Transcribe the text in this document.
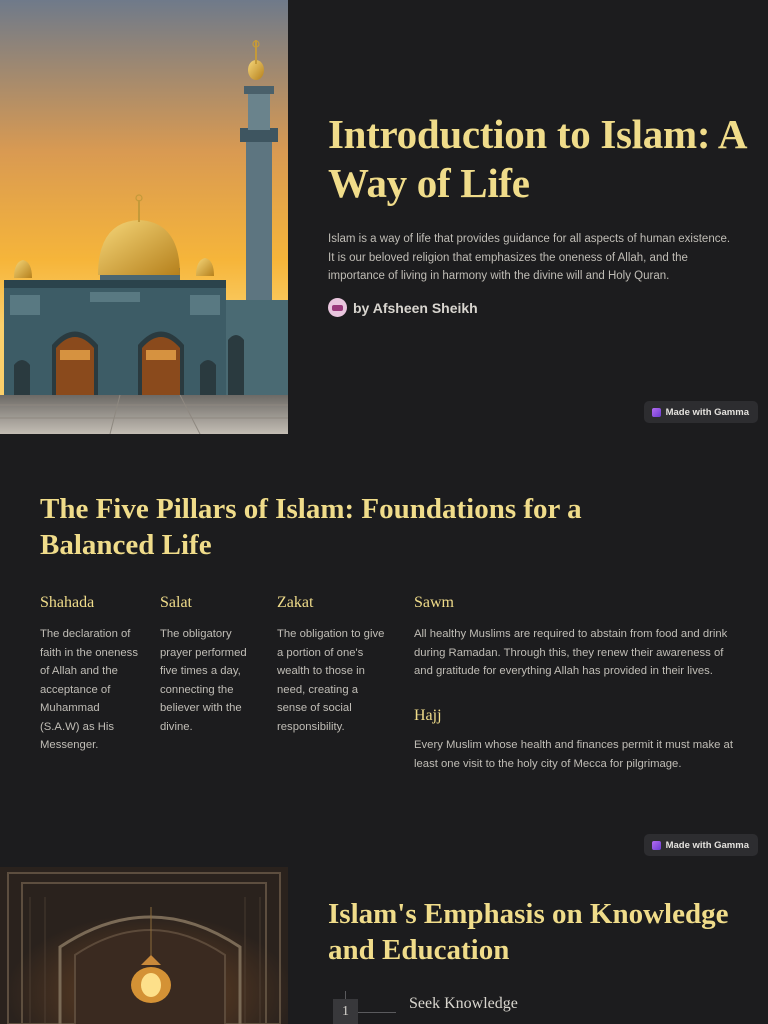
Introduction to Islam: A Way of Life

Islam is a way of life that provides guidance for all aspects of human existence. It is our beloved religion that emphasizes the oneness of Allah, and the importance of living in harmony with the divine will and Holy Quran.

by Afsheen Sheikh
Made with Gamma
The Five Pillars of Islam: Foundations for a Balanced Life
Shahada

The declaration of faith in the oneness of Allah and the acceptance of Muhammad (S.A.W) as His Messenger.

Salat

The obligatory prayer performed five times a day, connecting the believer with the divine.

Zakat

The obligation to give a portion of one's wealth to those in need, creating a sense of social responsibility.

Sawm

All healthy Muslims are required to abstain from food and drink during Ramadan. Through this, they renew their awareness of and gratitude for everything Allah has provided in their lives.

Hajj

Every Muslim whose health and finances permit it must make at least one visit to the holy city of Mecca for pilgrimage.

Made with Gamma
Islam's Emphasis on Knowledge and Education
1	Seek Knowledge
